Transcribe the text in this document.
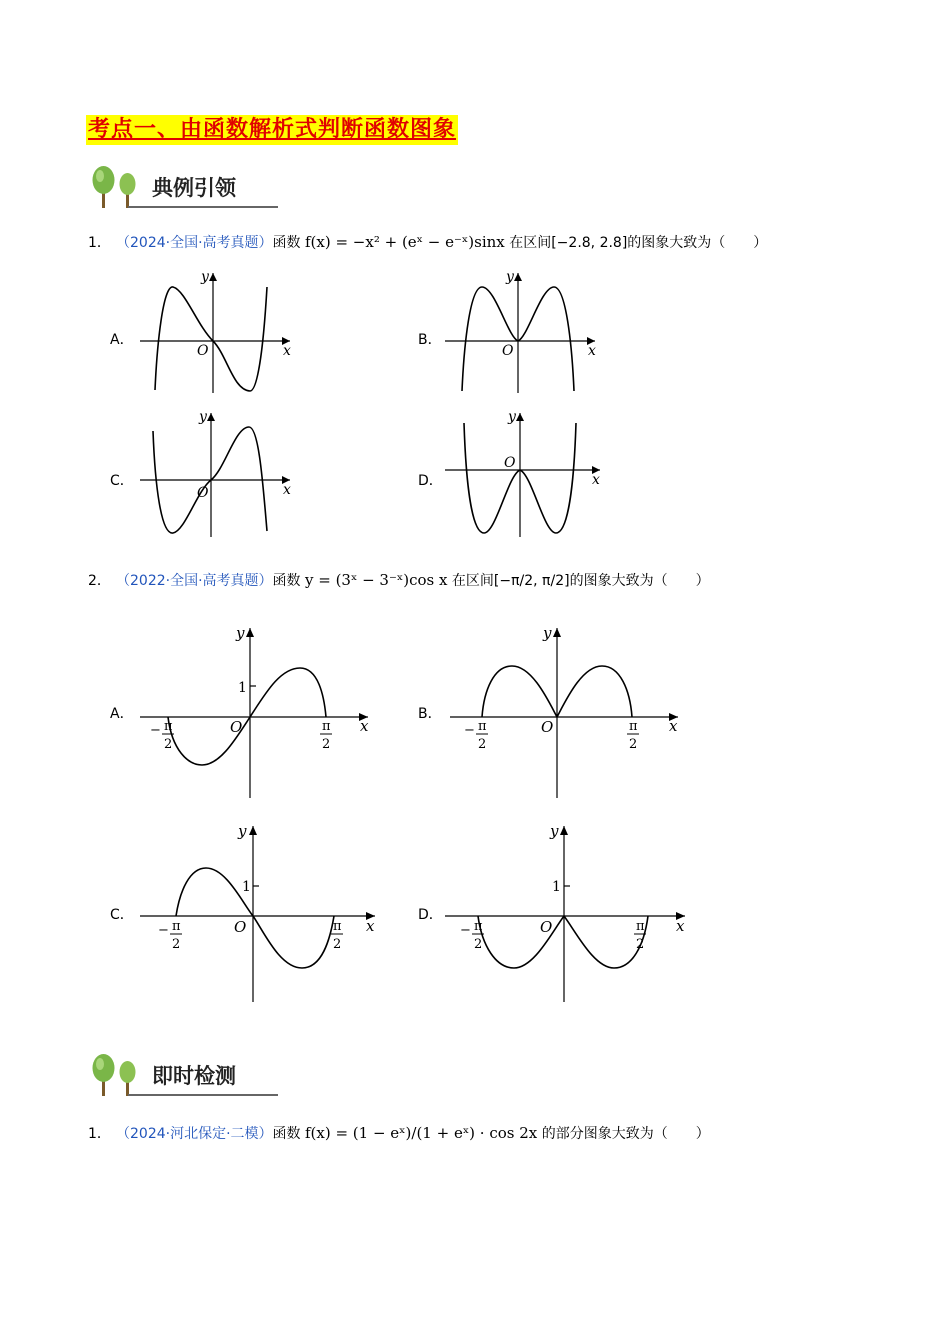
考点一、由函数解析式判断函数图象
典例引领
1． （2024·全国·高考真题）函数 f(x) = −x² + (eˣ − e⁻ˣ)sinx 在区间[−2.8, 2.8]的图象大致为（　　）
A．	B．
C．	D．
x
y
O	x
y
O
x
y
O
x
y
O
2． （2022·全国·高考真题）函数 y = (3ˣ − 3⁻ˣ)cos x 在区间[−π/2, π/2]的图象大致为（　　）
A．	B．
C．	D．
1
x
y
O
− π
2
π
2
x
y
O
− π
2
π
2
1
x
y
O
− π
2
π
2
1
x
y
O
− π
2
π
2
即时检测
1． （2024·河北保定·二模）函数 f(x) = (1 − eˣ)/(1 + eˣ) · cos 2x 的部分图象大致为（　　）
